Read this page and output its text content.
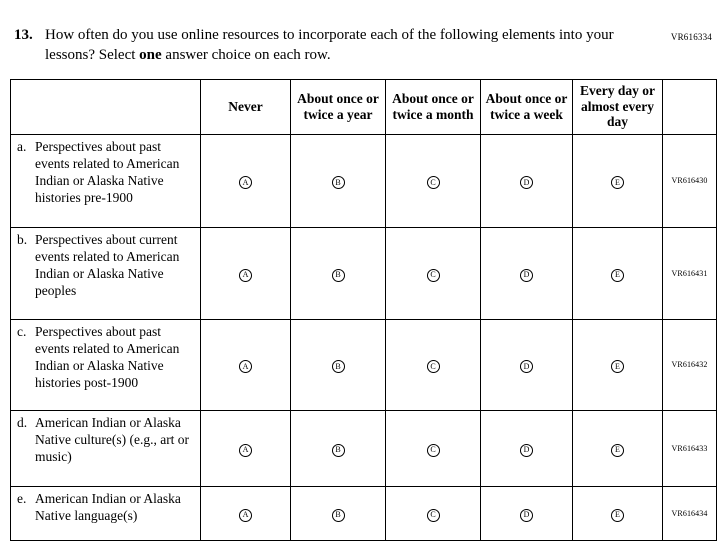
VR616334
13. How often do you use online resources to incorporate each of the following elements into your lessons? Select one answer choice on each row.
	Never	About once or twice a year	About once or twice a month	About once or twice a week	Every day or almost every day	

a. Perspectives about past events related to American Indian or Alaska Native histories pre-1900	A	B	C	D	E	VR616430

b. Perspectives about current events related to American Indian or Alaska Native peoples	A	B	C	D	E	VR616431

c. Perspectives about past events related to American Indian or Alaska Native histories post-1900	A	B	C	D	E	VR616432

d. American Indian or Alaska Native culture(s) (e.g., art or music)	A	B	C	D	E	VR616433

e. American Indian or Alaska Native language(s)	A	B	C	D	E	VR616434
